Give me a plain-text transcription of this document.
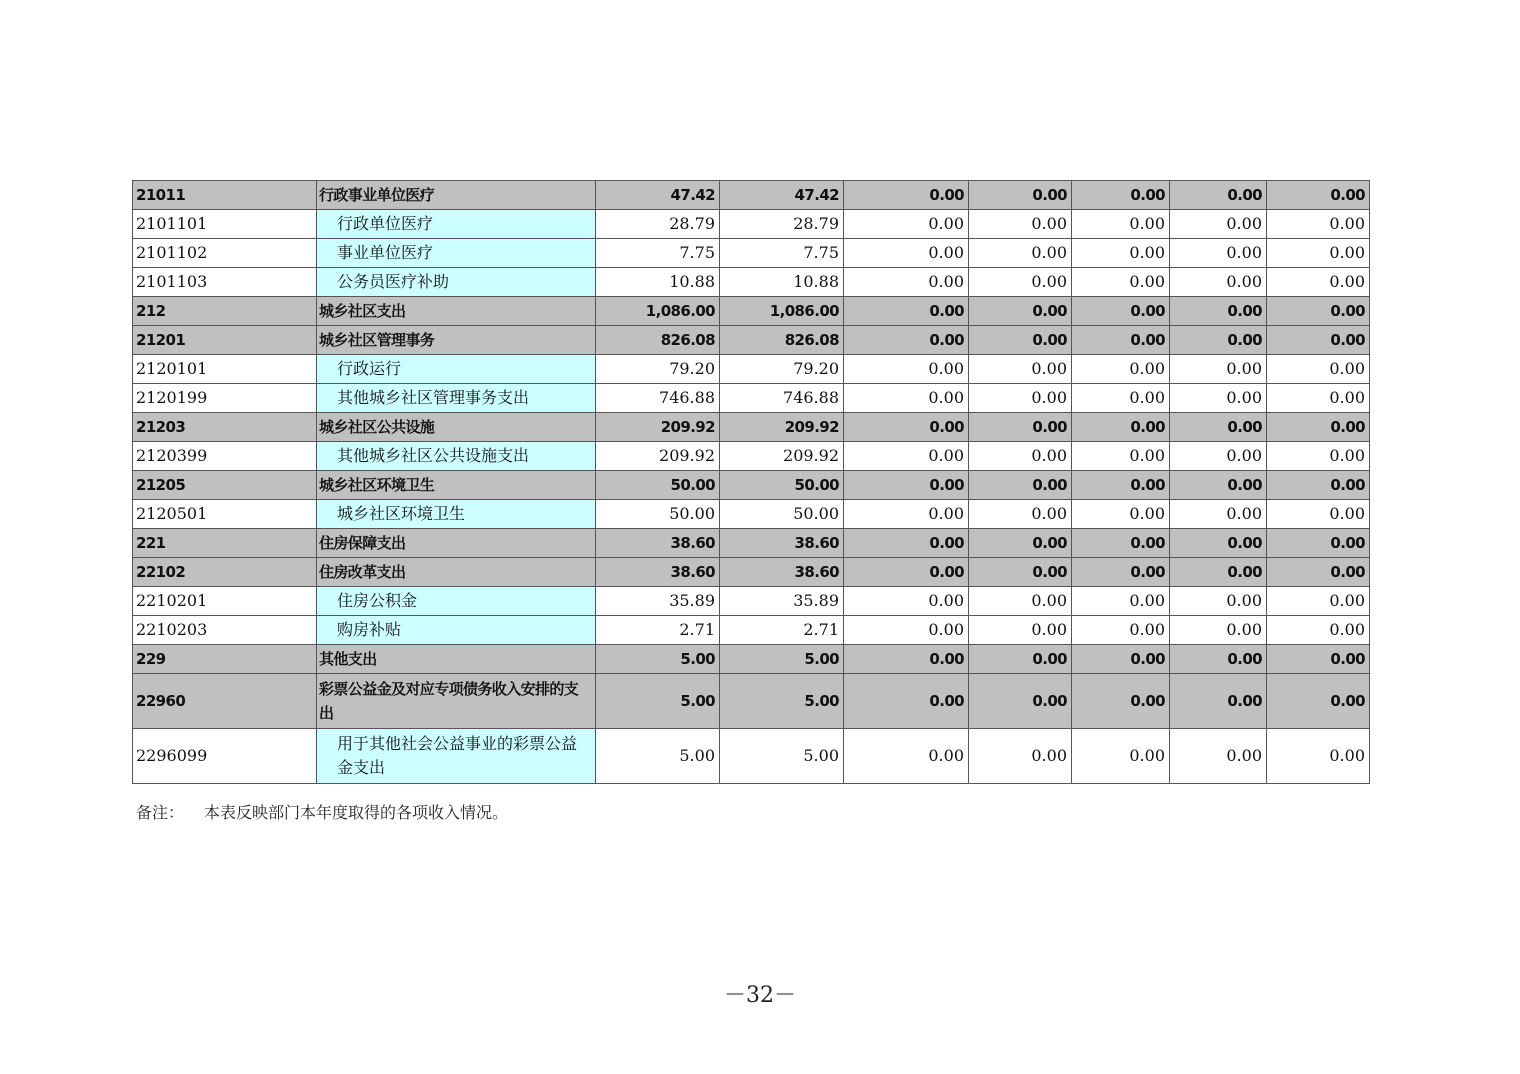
21011	行政事业单位医疗	47.42	47.42	0.00	0.00	0.00	0.00	0.00
2101101	行政单位医疗	28.79	28.79	0.00	0.00	0.00	0.00	0.00
2101102	事业单位医疗	7.75	7.75	0.00	0.00	0.00	0.00	0.00
2101103	公务员医疗补助	10.88	10.88	0.00	0.00	0.00	0.00	0.00
212	城乡社区支出	1,086.00	1,086.00	0.00	0.00	0.00	0.00	0.00
21201	城乡社区管理事务	826.08	826.08	0.00	0.00	0.00	0.00	0.00
2120101	行政运行	79.20	79.20	0.00	0.00	0.00	0.00	0.00
2120199	其他城乡社区管理事务支出	746.88	746.88	0.00	0.00	0.00	0.00	0.00
21203	城乡社区公共设施	209.92	209.92	0.00	0.00	0.00	0.00	0.00
2120399	其他城乡社区公共设施支出	209.92	209.92	0.00	0.00	0.00	0.00	0.00
21205	城乡社区环境卫生	50.00	50.00	0.00	0.00	0.00	0.00	0.00
2120501	城乡社区环境卫生	50.00	50.00	0.00	0.00	0.00	0.00	0.00
221	住房保障支出	38.60	38.60	0.00	0.00	0.00	0.00	0.00
22102	住房改革支出	38.60	38.60	0.00	0.00	0.00	0.00	0.00
2210201	住房公积金	35.89	35.89	0.00	0.00	0.00	0.00	0.00
2210203	购房补贴	2.71	2.71	0.00	0.00	0.00	0.00	0.00
229	其他支出	5.00	5.00	0.00	0.00	0.00	0.00	0.00
22960	彩票公益金及对应专项债务收入安排的支出	5.00	5.00	0.00	0.00	0.00	0.00	0.00
2296099	用于其他社会公益事业的彩票公益金支出	5.00	5.00	0.00	0.00	0.00	0.00	0.00
备注： 本表反映部门本年度取得的各项收入情况。
－32－
